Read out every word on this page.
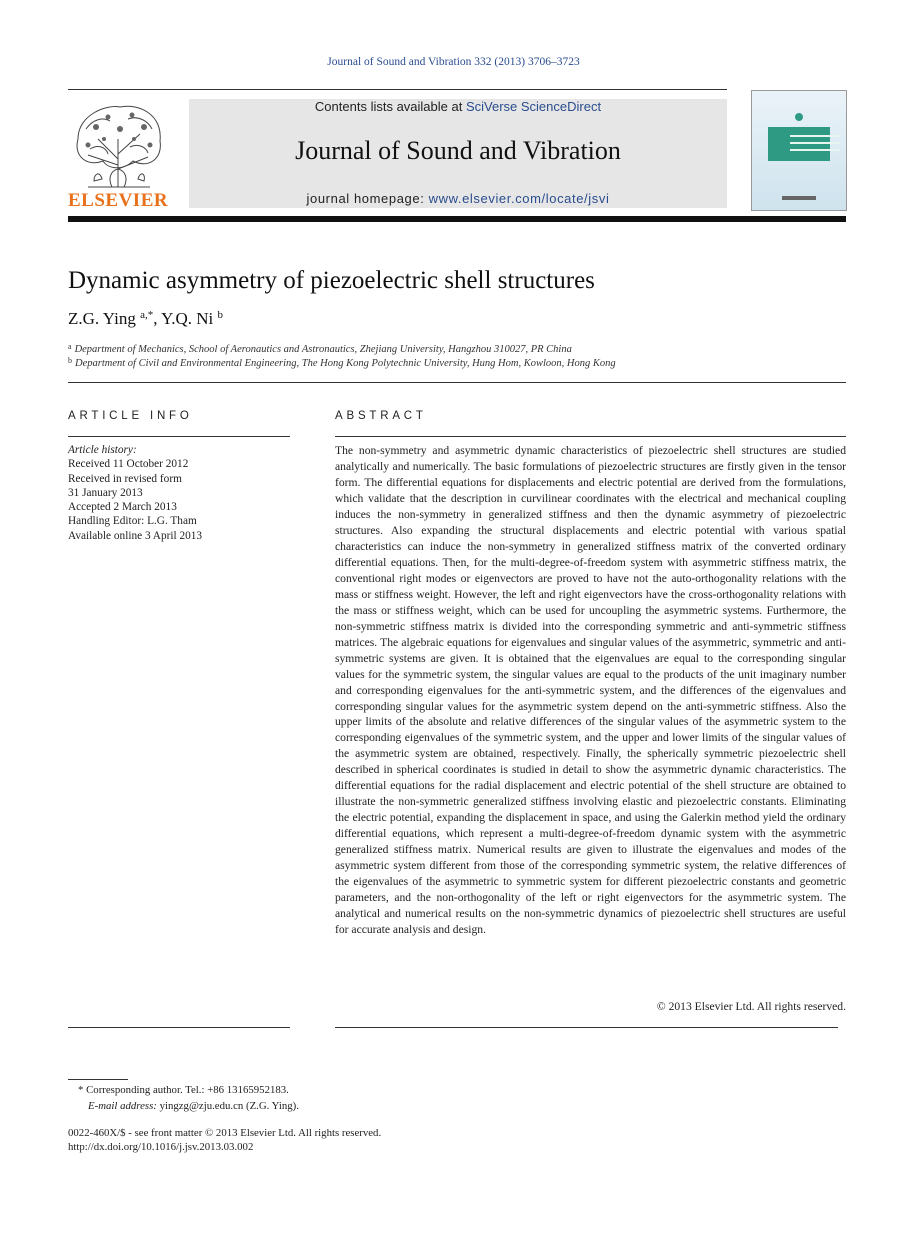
Journal of Sound and Vibration 332 (2013) 3706–3723
ELSEVIER
Contents lists available at SciVerse ScienceDirect
Journal of Sound and Vibration
journal homepage: www.elsevier.com/locate/jsvi
Dynamic asymmetry of piezoelectric shell structures
Z.G. Ying $^{a,*}$, Y.Q. Ni $^b$
$^a$ Department of Mechanics, School of Aeronautics and Astronautics, Zhejiang University, Hangzhou 310027, PR China
$^b$ Department of Civil and Environmental Engineering, The Hong Kong Polytechnic University, Hung Hom, Kowloon, Hong Kong
ARTICLE INFO	ABSTRACT
Article history:
Received 11 October 2012
Received in revised form
31 January 2013
Accepted 2 March 2013
Handling Editor: L.G. Tham
Available online 3 April 2013
The non-symmetry and asymmetric dynamic characteristics of piezoelectric shell structures are studied analytically and numerically. The basic formulations of piezoelectric structures are firstly given in the tensor form. The differential equations for displacements and electric potential are derived from the formulations, which validate that the description in curvilinear coordinates with the electrical and mechanical coupling induces the non-symmetry in generalized stiffness and then the dynamic asymmetry of piezoelectric structures. Also expanding the structural displacements and electric potential with various spatial characteristics can induce the non-symmetry in generalized stiffness matrix of the converted ordinary differential equations. Then, for the multi-degree-of-freedom system with asymmetric stiffness matrix, the conventional right modes or eigenvectors are proved to have not the auto-orthogonality relations with the mass or stiffness weight. However, the left and right eigenvectors have the cross-orthogonality relations with the mass or stiffness weight, which can be used for uncoupling the asymmetric systems. Furthermore, the non-symmetric stiffness matrix is divided into the corresponding symmetric and anti-symmetric stiffness matrices. The algebraic equations for eigenvalues and singular values of the asymmetric, symmetric and anti-symmetric systems are given. It is obtained that the eigenvalues are equal to the corresponding singular values for the symmetric system, the singular values are equal to the products of the unit imaginary number and corresponding eigenvalues for the anti-symmetric system, and the differences of the eigenvalues and corresponding singular values for the asymmetric system depend on the anti-symmetric stiffness. Also the upper limits of the absolute and relative differences of the singular values of the asymmetric system to the corresponding eigenvalues of the symmetric system, and the upper and lower limits of the singular values of the asymmetric system are obtained, respectively. Finally, the spherically symmetric piezoelectric shell described in spherical coordinates is studied in detail to show the asymmetric dynamic characteristics. The differential equations for the radial displacement and electric potential of the shell structure are obtained to illustrate the non-symmetric generalized stiffness involving elastic and piezoelectric constants. Eliminating the electric potential, expanding the displacement in space, and using the Galerkin method yield the ordinary differential equations, which represent a multi-degree-of-freedom dynamic system with the asymmetric generalized stiffness matrix. Numerical results are given to illustrate the eigenvalues and modes of the asymmetric system different from those of the corresponding symmetric system, the relative differences of the eigenvalues of the asymmetric to symmetric system for different piezoelectric constants and geometric parameters, and the non-orthogonality of the left or right eigenvectors for the asymmetric system. The analytical and numerical results on the non-symmetric dynamics of piezoelectric shell structures are useful for accurate analysis and design.
© 2013 Elsevier Ltd. All rights reserved.
* Corresponding author. Tel.: +86 13165952183.
E-mail address: yingzg@zju.edu.cn (Z.G. Ying).
0022-460X/$ - see front matter © 2013 Elsevier Ltd. All rights reserved.
http://dx.doi.org/10.1016/j.jsv.2013.03.002
